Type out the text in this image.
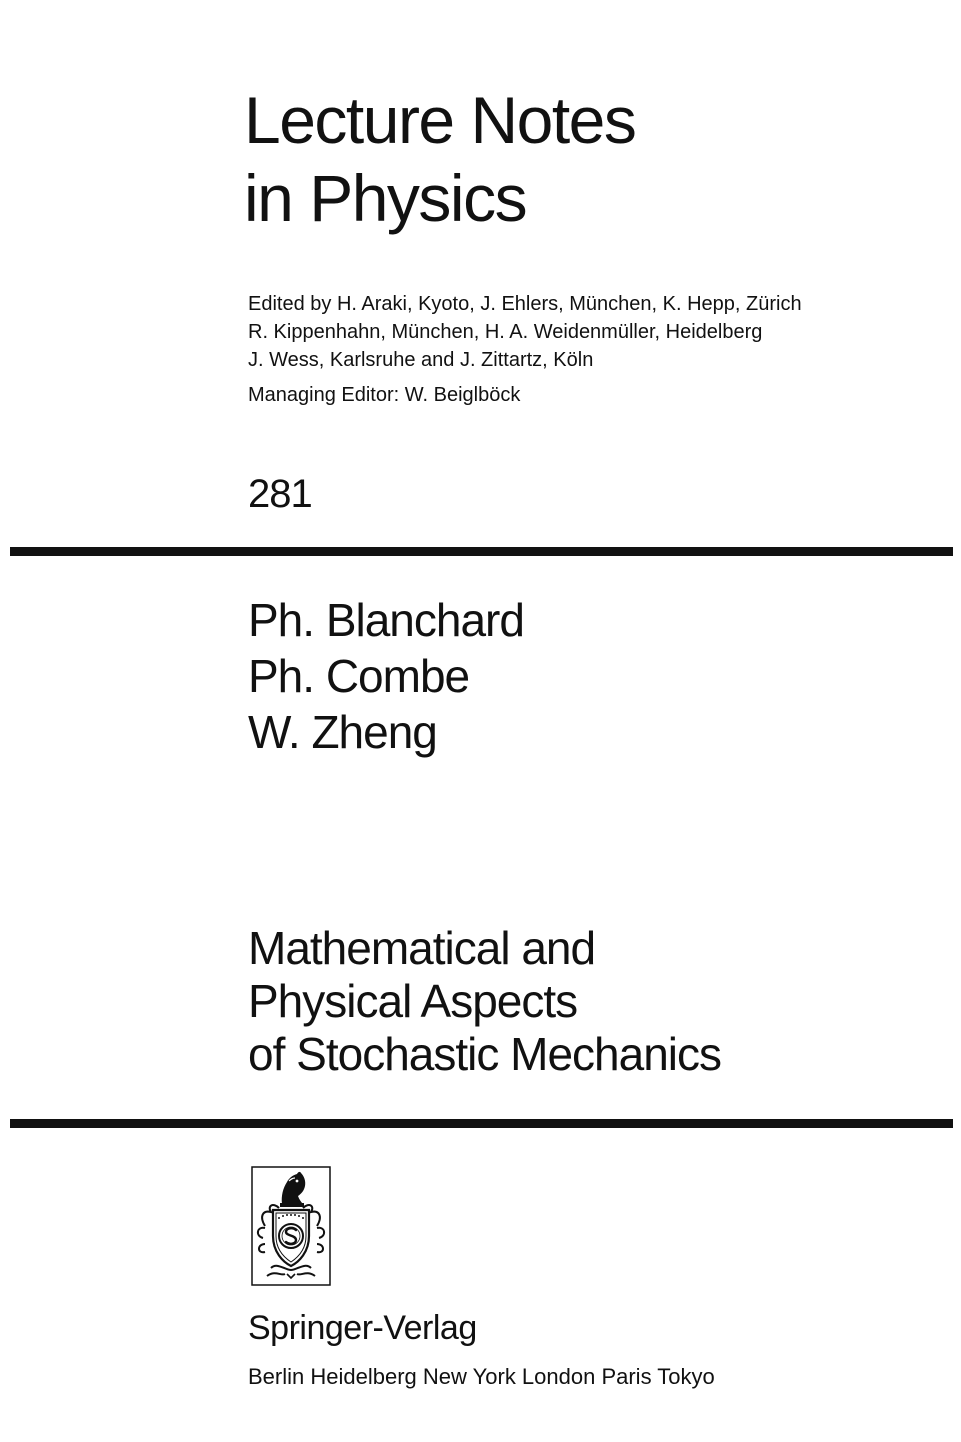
Lecture Notes
in Physics
Edited by H. Araki, Kyoto, J. Ehlers, München, K. Hepp, Zürich
R. Kippenhahn, München, H. A. Weidenmüller, Heidelberg
J. Wess, Karlsruhe and J. Zittartz, Köln
Managing Editor: W. Beiglböck
281
Ph. Blanchard
Ph. Combe
W. Zheng
Mathematical and
Physical Aspects
of Stochastic Mechanics
Springer-Verlag
Berlin Heidelberg New York London Paris Tokyo
